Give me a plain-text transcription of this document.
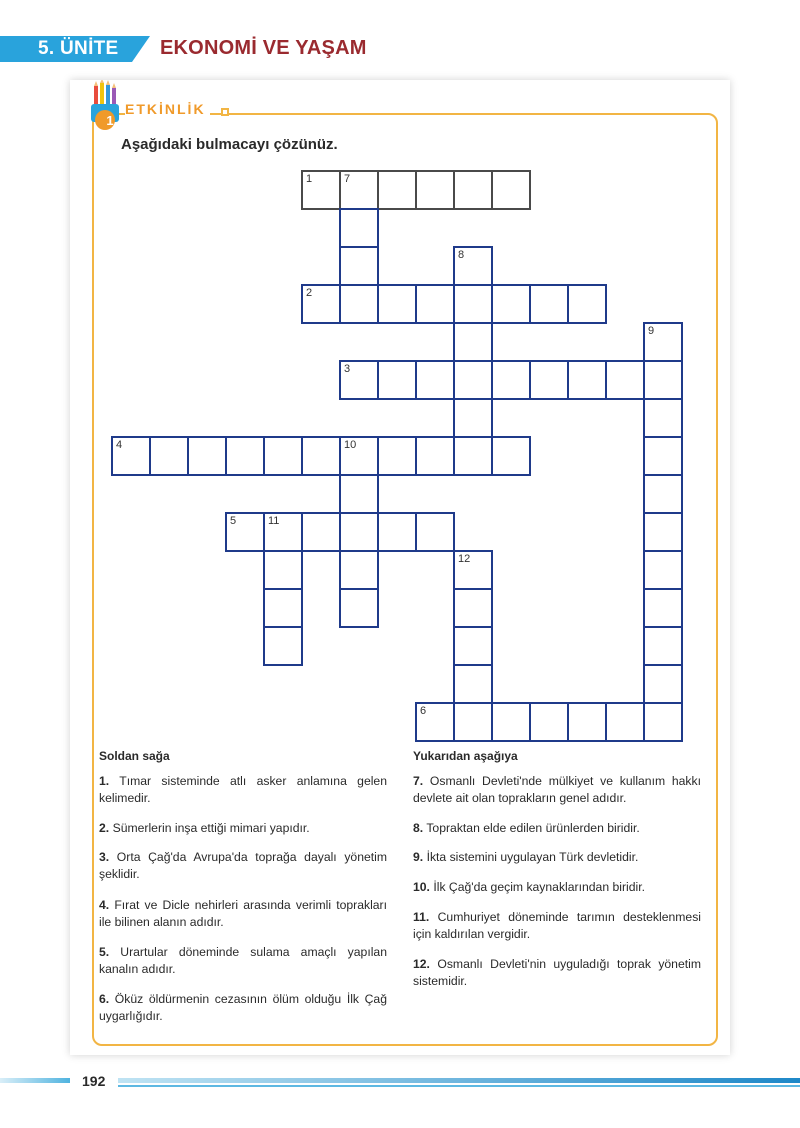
5. ÜNİTE EKONOMİ VE YAŞAM
1
ETKİNLİK
Aşağıdaki bulmacayı çözünüz.
1	7
2
3
4	10
5	11
6
8
9
12
Soldan sağa	Yukarıdan aşağıya
1. Tımar sisteminde atlı asker anlamına gelen kelimedir.
2. Sümerlerin inşa ettiği mimari yapıdır.
3. Orta Çağ'da Avrupa'da toprağa dayalı yönetim şeklidir.
4. Fırat ve Dicle nehirleri arasında verimli toprakları ile bilinen alanın adıdır.
5. Urartular döneminde sulama amaçlı yapılan kanalın adıdır.
6. Öküz öldürmenin cezasının ölüm olduğu İlk Çağ uygarlığıdır.
7. Osmanlı Devleti'nde mülkiyet ve kullanım hakkı devlete ait olan toprakların genel adıdır.
8. Topraktan elde edilen ürünlerden biridir.
9. İkta sistemini uygulayan Türk devletidir.
10. İlk Çağ'da geçim kaynaklarından biridir.
11. Cumhuriyet döneminde tarımın desteklenmesi için kaldırılan vergidir.
12. Osmanlı Devleti'nin uyguladığı toprak yönetim sistemidir.
192
